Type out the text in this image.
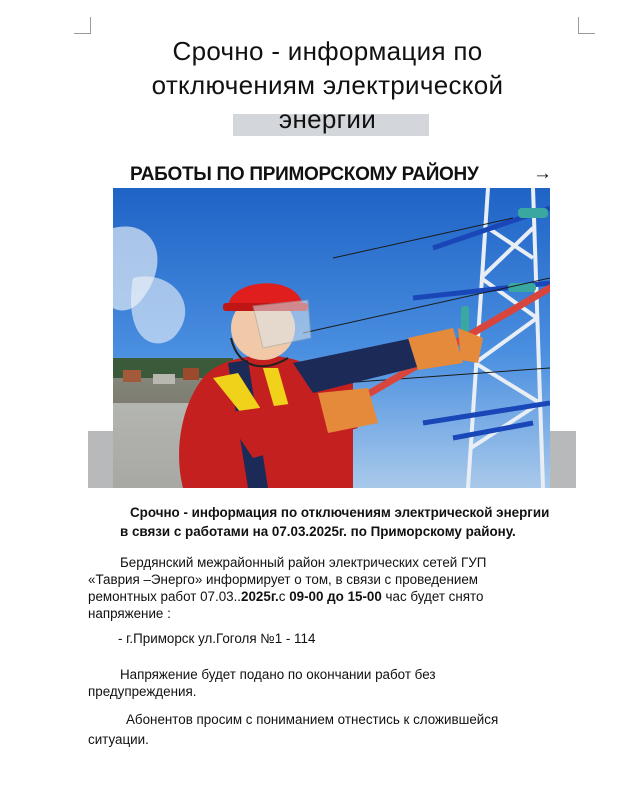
Срочно - информация по
отключениям электрической
энергии
РАБОТЫ ПО ПРИМОРСКОМУ РАЙОНУ	→
Срочно - информация по отключениям электрической энергии
в связи с работами на 07.03.2025г. по Приморскому району.
Бердянский межрайонный район электрических сетей ГУП
«Таврия –Энерго» информирует о том, в связи с проведением
ремонтных работ 07.03..2025г.с 09-00 до 15-00 час будет снято
напряжение :
- г.Приморск ул.Гоголя №1 - 114
Напряжение будет подано по окончании работ без
предупреждения.
Абонентов просим с пониманием отнестись к сложившейся
ситуации.
